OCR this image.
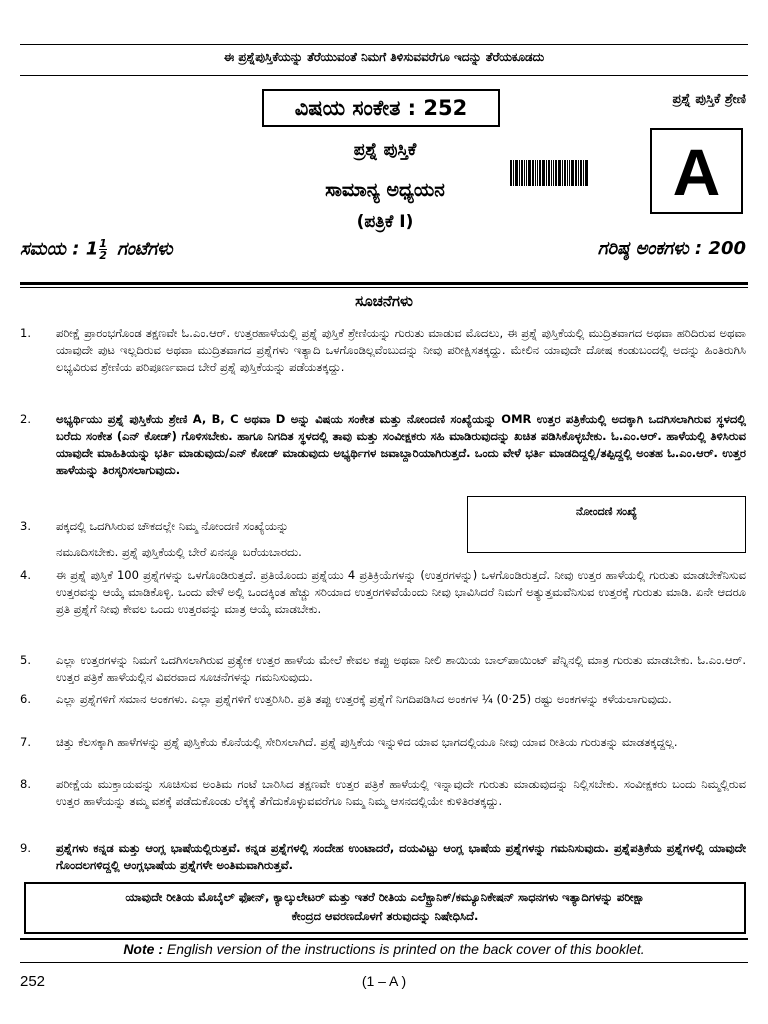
ಈ ಪ್ರಶ್ನೆಪುಸ್ತಿಕೆಯನ್ನು ತೆರೆಯುವಂತೆ ನಿಮಗೆ ತಿಳಿಸುವವರೆಗೂ ಇದನ್ನು ತೆರೆಯಕೂಡದು
ವಿಷಯ ಸಂಕೇತ : 252	ಪ್ರಶ್ನೆ ಪುಸ್ತಿಕೆ ಶ್ರೇಣಿ
A
ಪ್ರಶ್ನೆ ಪುಸ್ತಿಕೆ
ಸಾಮಾನ್ಯ ಅಧ್ಯಯನ
(ಪತ್ರಿಕೆ I)
ಸಮಯ : $1 \frac{1}{2}$ ಗಂಟೆಗಳು	ಗರಿಷ್ಠ ಅಂಕಗಳು : 200
ಸೂಚನೆಗಳು
1. ಪರೀಕ್ಷೆ ಪ್ರಾರಂಭಗೊಂಡ ತಕ್ಷಣವೇ ಓ.ಎಂ.ಆರ್. ಉತ್ತರಹಾಳೆಯಲ್ಲಿ ಪ್ರಶ್ನೆ ಪುಸ್ತಿಕೆ ಶ್ರೇಣಿಯನ್ನು ಗುರುತು ಮಾಡುವ ಮೊದಲು, ಈ ಪ್ರಶ್ನೆ ಪುಸ್ತಿಕೆಯಲ್ಲಿ ಮುದ್ರಿತವಾಗದ ಅಥವಾ ಹರಿದಿರುವ ಅಥವಾ ಯಾವುದೇ ಪುಟ ಇಲ್ಲದಿರುವ ಅಥವಾ ಮುದ್ರಿತವಾಗದ ಪ್ರಶ್ನೆಗಳು ಇತ್ಯಾದಿ ಒಳಗೊಂಡಿಲ್ಲವೆಂಬುದನ್ನು ನೀವು ಪರೀಕ್ಷಿಸತಕ್ಕದ್ದು. ಮೇಲಿನ ಯಾವುದೇ ದೋಷ ಕಂಡುಬಂದಲ್ಲಿ ಅದನ್ನು ಹಿಂತಿರುಗಿಸಿ ಲಭ್ಯವಿರುವ ಶ್ರೇಣಿಯ ಪರಿಪೂರ್ಣವಾದ ಬೇರೆ ಪ್ರಶ್ನೆ ಪುಸ್ತಿಕೆಯನ್ನು ಪಡೆಯತಕ್ಕದ್ದು.
2. ಅಭ್ಯರ್ಥಿಯು ಪ್ರಶ್ನೆ ಪುಸ್ತಿಕೆಯ ಶ್ರೇಣಿ A, B, C ಅಥವಾ D ಅನ್ನು ವಿಷಯ ಸಂಕೇತ ಮತ್ತು ನೋಂದಣಿ ಸಂಖ್ಯೆಯನ್ನು OMR ಉತ್ತರ ಪತ್ರಿಕೆಯಲ್ಲಿ ಅದಕ್ಕಾಗಿ ಒದಗಿಸಲಾಗಿರುವ ಸ್ಥಳದಲ್ಲಿ ಬರೆದು ಸಂಕೇತ (ಎನ್ ಕೋಡ್) ಗೊಳಿಸಬೇಕು. ಹಾಗೂ ನಿಗದಿತ ಸ್ಥಳದಲ್ಲಿ ತಾವು ಮತ್ತು ಸಂವೀಕ್ಷಕರು ಸಹಿ ಮಾಡಿರುವುದನ್ನು ಖಚಿತ ಪಡಿಸಿಕೊಳ್ಳಬೇಕು. ಓ.ಎಂ.ಆರ್. ಹಾಳೆಯಲ್ಲಿ ತಿಳಿಸಿರುವ ಯಾವುದೇ ಮಾಹಿತಿಯನ್ನು ಭರ್ತಿ ಮಾಡುವುದು/ಎನ್ ಕೋಡ್ ಮಾಡುವುದು ಅಭ್ಯರ್ಥಿಗಳ ಜವಾಬ್ದಾರಿಯಾಗಿರುತ್ತದೆ. ಒಂದು ವೇಳೆ ಭರ್ತಿ ಮಾಡದಿದ್ದಲ್ಲಿ/ತಪ್ಪಿದ್ದಲ್ಲಿ ಅಂತಹ ಓ.ಎಂ.ಆರ್. ಉತ್ತರ ಹಾಳೆಯನ್ನು ತಿರಸ್ಕರಿಸಲಾಗುವುದು.
3. ಪಕ್ಕದಲ್ಲಿ ಒದಗಿಸಿರುವ ಚೌಕದಲ್ಲೇ ನಿಮ್ಮ ನೋಂದಣಿ ಸಂಖ್ಯೆಯನ್ನು
ನಮೂದಿಸಬೇಕು. ಪ್ರಶ್ನೆ ಪುಸ್ತಿಕೆಯಲ್ಲಿ ಬೇರೆ ಏನನ್ನೂ ಬರೆಯಬಾರದು.
ನೋಂದಣಿ ಸಂಖ್ಯೆ
4. ಈ ಪ್ರಶ್ನೆ ಪುಸ್ತಿಕೆ 100 ಪ್ರಶ್ನೆಗಳನ್ನು ಒಳಗೊಂಡಿರುತ್ತದೆ. ಪ್ರತಿಯೊಂದು ಪ್ರಶ್ನೆಯು 4 ಪ್ರತಿಕ್ರಿಯೆಗಳನ್ನು (ಉತ್ತರಗಳನ್ನು) ಒಳಗೊಂಡಿರುತ್ತದೆ. ನೀವು ಉತ್ತರ ಹಾಳೆಯಲ್ಲಿ ಗುರುತು ಮಾಡಬೇಕೆನಿಸುವ ಉತ್ತರವನ್ನು ಆಯ್ಕೆ ಮಾಡಿಕೊಳ್ಳಿ. ಒಂದು ವೇಳೆ ಅಲ್ಲಿ ಒಂದಕ್ಕಿಂತ ಹೆಚ್ಚು ಸರಿಯಾದ ಉತ್ತರಗಳಿವೆಯೆಂದು ನೀವು ಭಾವಿಸಿದರೆ ನಿಮಗೆ ಅತ್ಯುತ್ತಮವೆನಿಸುವ ಉತ್ತರಕ್ಕೆ ಗುರುತು ಮಾಡಿ. ಏನೇ ಆದರೂ ಪ್ರತಿ ಪ್ರಶ್ನೆಗೆ ನೀವು ಕೇವಲ ಒಂದು ಉತ್ತರವನ್ನು ಮಾತ್ರ ಆಯ್ಕೆ ಮಾಡಬೇಕು.
5. ಎಲ್ಲಾ ಉತ್ತರಗಳನ್ನು ನಿಮಗೆ ಒದಗಿಸಲಾಗಿರುವ ಪ್ರತ್ಯೇಕ ಉತ್ತರ ಹಾಳೆಯ ಮೇಲೆ ಕೇವಲ ಕಪ್ಪು ಅಥವಾ ನೀಲಿ ಶಾಯಿಯ ಬಾಲ್‌ಪಾಯಿಂಟ್ ಪೆನ್ನಿನಲ್ಲಿ ಮಾತ್ರ ಗುರುತು ಮಾಡಬೇಕು. ಓ.ಎಂ.ಆರ್. ಉತ್ತರ ಪತ್ರಿಕೆ ಹಾಳೆಯಲ್ಲಿನ ವಿವರವಾದ ಸೂಚನೆಗಳನ್ನು ಗಮನಿಸುವುದು.
6. ಎಲ್ಲಾ ಪ್ರಶ್ನೆಗಳಿಗೆ ಸಮಾನ ಅಂಕಗಳು. ಎಲ್ಲಾ ಪ್ರಶ್ನೆಗಳಿಗೆ ಉತ್ತರಿಸಿರಿ. ಪ್ರತಿ ತಪ್ಪು ಉತ್ತರಕ್ಕೆ ಪ್ರಶ್ನೆಗೆ ನಿಗದಿಪಡಿಸಿದ ಅಂಕಗಳ ¼ (0·25) ರಷ್ಟು ಅಂಕಗಳನ್ನು ಕಳೆಯಲಾಗುವುದು.
7. ಚಿತ್ತು ಕೆಲಸಕ್ಕಾಗಿ ಹಾಳೆಗಳನ್ನು ಪ್ರಶ್ನೆ ಪುಸ್ತಿಕೆಯ ಕೊನೆಯಲ್ಲಿ ಸೇರಿಸಲಾಗಿದೆ. ಪ್ರಶ್ನೆ ಪುಸ್ತಿಕೆಯ ಇನ್ನುಳಿದ ಯಾವ ಭಾಗದಲ್ಲಿಯೂ ನೀವು ಯಾವ ರೀತಿಯ ಗುರುತನ್ನು ಮಾಡತಕ್ಕದ್ದಲ್ಲ.
8. ಪರೀಕ್ಷೆಯ ಮುಕ್ತಾಯವನ್ನು ಸೂಚಿಸುವ ಅಂತಿಮ ಗಂಟೆ ಬಾರಿಸಿದ ತಕ್ಷಣವೇ ಉತ್ತರ ಪತ್ರಿಕೆ ಹಾಳೆಯಲ್ಲಿ ಇನ್ನಾವುದೇ ಗುರುತು ಮಾಡುವುದನ್ನು ನಿಲ್ಲಿಸಬೇಕು. ಸಂವೀಕ್ಷಕರು ಬಂದು ನಿಮ್ಮಲ್ಲಿರುವ ಉತ್ತರ ಹಾಳೆಯನ್ನು ತಮ್ಮ ವಶಕ್ಕೆ ಪಡೆದುಕೊಂಡು ಲೆಕ್ಕಕ್ಕೆ ತೆಗೆದುಕೊಳ್ಳುವವರೆಗೂ ನಿಮ್ಮ ನಿಮ್ಮ ಆಸನದಲ್ಲಿಯೇ ಕುಳಿತಿರತಕ್ಕದ್ದು.
9. ಪ್ರಶ್ನೆಗಳು ಕನ್ನಡ ಮತ್ತು ಆಂಗ್ಲ ಭಾಷೆಯಲ್ಲಿರುತ್ತವೆ. ಕನ್ನಡ ಪ್ರಶ್ನೆಗಳಲ್ಲಿ ಸಂದೇಹ ಉಂಟಾದರೆ, ದಯವಿಟ್ಟು ಆಂಗ್ಲ ಭಾಷೆಯ ಪ್ರಶ್ನೆಗಳನ್ನು ಗಮನಿಸುವುದು. ಪ್ರಶ್ನೆಪತ್ರಿಕೆಯ ಪ್ರಶ್ನೆಗಳಲ್ಲಿ ಯಾವುದೇ ಗೊಂದಲಗಳಿದ್ದಲ್ಲಿ ಆಂಗ್ಲಭಾಷೆಯ ಪ್ರಶ್ನೆಗಳೇ ಅಂತಿಮವಾಗಿರುತ್ತವೆ.
ಯಾವುದೇ ರೀತಿಯ ಮೊಬೈಲ್ ಫೋನ್, ಕ್ಯಾಲ್ಕುಲೇಟರ್ ಮತ್ತು ಇತರೆ ರೀತಿಯ ಎಲೆಕ್ಟ್ರಾನಿಕ್/ಕಮ್ಯೂನಿಕೇಷನ್ ಸಾಧನಗಳು ಇತ್ಯಾದಿಗಳನ್ನು ಪರೀಕ್ಷಾ
ಕೇಂದ್ರದ ಆವರಣದೊಳಗೆ ತರುವುದನ್ನು ನಿಷೇಧಿಸಿದೆ.
Note : English version of the instructions is printed on the back cover of this booklet.
252	(1 – A )
